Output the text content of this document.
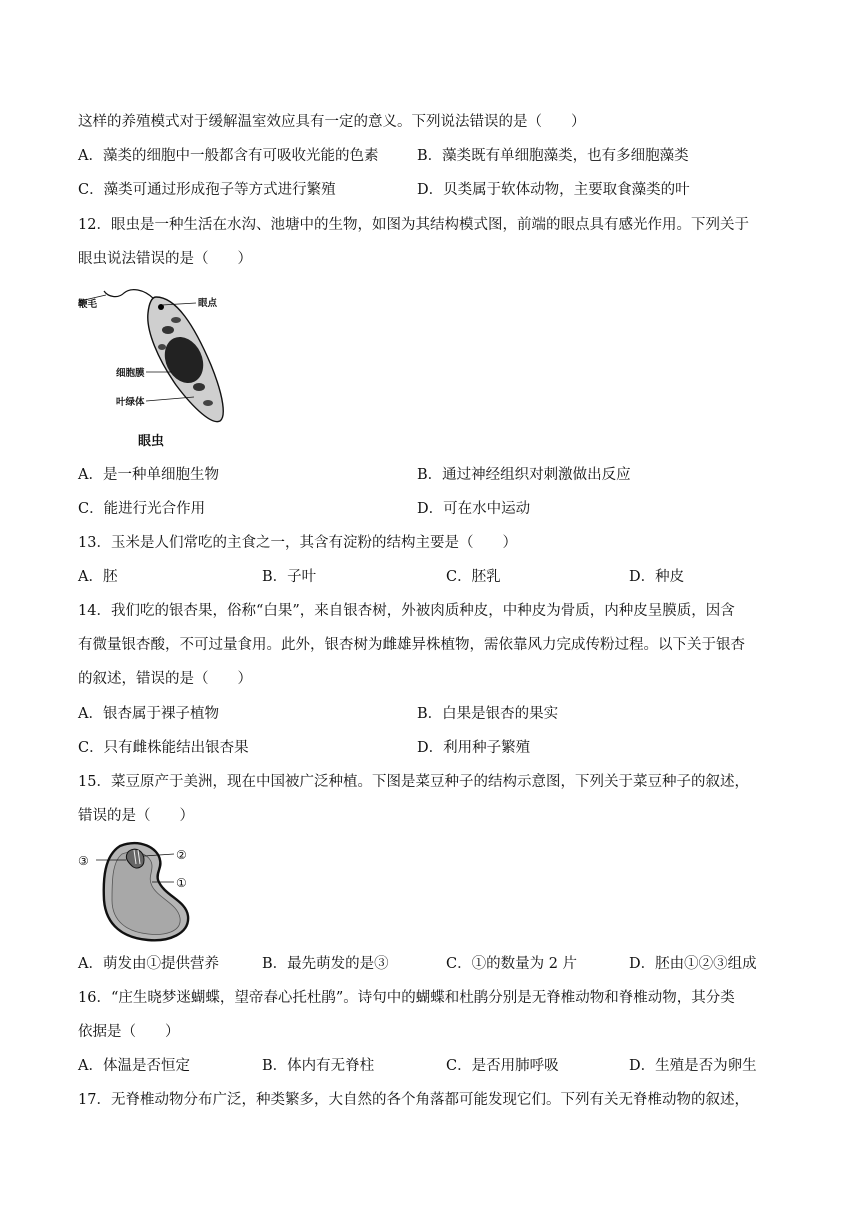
这样的养殖模式对于缓解温室效应具有一定的意义。下列说法错误的是（　　）
A．藻类的细胞中一般都含有可吸收光能的色素	B．藻类既有单细胞藻类，也有多细胞藻类
C．藻类可通过形成孢子等方式进行繁殖	D．贝类属于软体动物，主要取食藻类的叶
12．眼虫是一种生活在水沟、池塘中的生物，如图为其结构模式图，前端的眼点具有感光作用。下列关于
眼虫说法错误的是（　　）
鞭毛	眼点
细胞膜
叶绿体
眼虫
A．是一种单细胞生物	B．通过神经组织对刺激做出反应
C．能进行光合作用	D．可在水中运动
13．玉米是人们常吃的主食之一，其含有淀粉的结构主要是（　　）
A．胚	B．子叶	C．胚乳	D．种皮
14．我们吃的银杏果，俗称“白果”，来自银杏树，外被肉质种皮，中种皮为骨质，内种皮呈膜质，因含
有微量银杏酸，不可过量食用。此外，银杏树为雌雄异株植物，需依靠风力完成传粉过程。以下关于银杏
的叙述，错误的是（　　）
A．银杏属于裸子植物	B．白果是银杏的果实
C．只有雌株能结出银杏果	D．利用种子繁殖
15．菜豆原产于美洲，现在中国被广泛种植。下图是菜豆种子的结构示意图，下列关于菜豆种子的叙述，
错误的是（　　）
③	②
①
A．萌发由①提供营养	B．最先萌发的是③	C．①的数量为 2 片	D．胚由①②③组成
16．“庄生晓梦迷蝴蝶，望帝春心托杜鹃”。诗句中的蝴蝶和杜鹃分别是无脊椎动物和脊椎动物，其分类
依据是（　　）
A．体温是否恒定	B．体内有无脊柱	C．是否用肺呼吸	D．生殖是否为卵生
17．无脊椎动物分布广泛，种类繁多，大自然的各个角落都可能发现它们。下列有关无脊椎动物的叙述，
